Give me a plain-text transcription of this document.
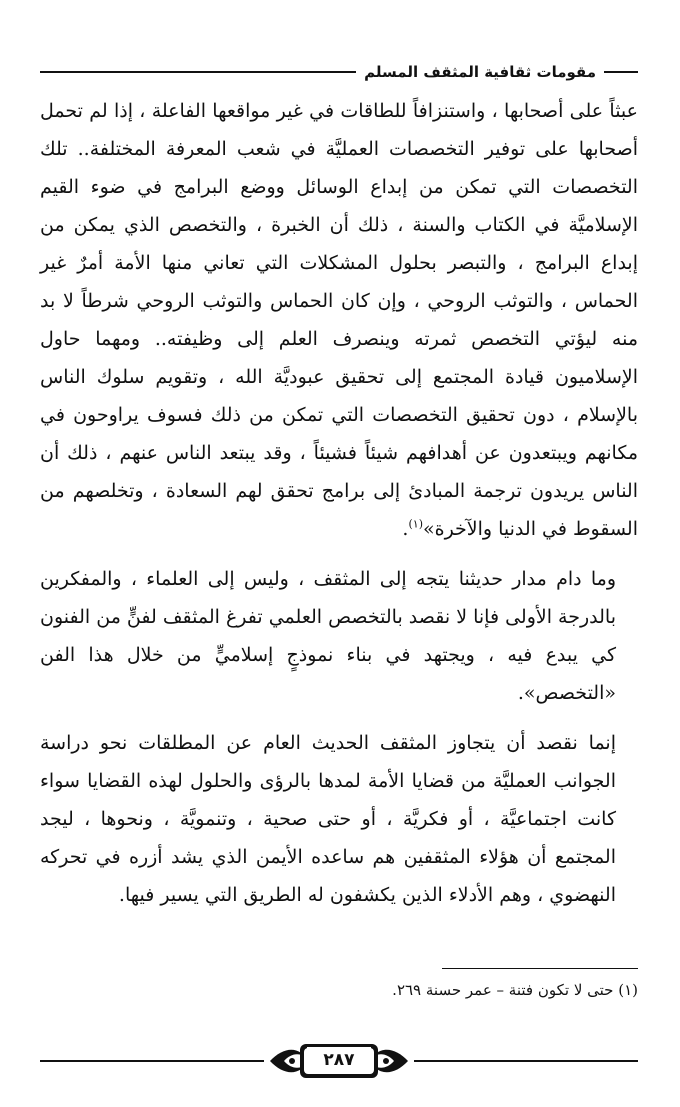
مقومات ثقافية المثقف المسلم

عبثاً على أصحابها ، واستنزافاً للطاقات في غير مواقعها الفاعلة ، إذا لم تحمل أصحابها على توفير التخصصات العمليَّة في شعب المعرفة المختلفة.. تلك التخصصات التي تمكن من إبداع الوسائل ووضع البرامج في ضوء القيم الإسلاميَّة في الكتاب والسنة ، ذلك أن الخبرة ، والتخصص الذي يمكن من إبداع البرامج ، والتبصر بحلول المشكلات التي تعاني منها الأمة أمرٌ غير الحماس ، والتوثب الروحي ، وإن كان الحماس والتوثب الروحي شرطاً لا بد منه ليؤتي التخصص ثمرته وينصرف العلم إلى وظيفته.. ومهما حاول الإسلاميون قيادة المجتمع إلى تحقيق عبوديَّة الله ، وتقويم سلوك الناس بالإسلام ، دون تحقيق التخصصات التي تمكن من ذلك فسوف يراوحون في مكانهم ويبتعدون عن أهدافهم شيئاً فشيئاً ، وقد يبتعد الناس عنهم ، ذلك أن الناس يريدون ترجمة المبادئ إلى برامج تحقق لهم السعادة ، وتخلصهم من السقوط في الدنيا والآخرة»$^{(١)}$.

وما دام مدار حديثنا يتجه إلى المثقف ، وليس إلى العلماء ، والمفكرين بالدرجة الأولى فإنا لا نقصد بالتخصص العلمي تفرغ المثقف لفنٍّ من الفنون كي يبدع فيه ، ويجتهد في بناء نموذجٍ إسلاميٍّ من خلال هذا الفن «التخصص».

إنما نقصد أن يتجاوز المثقف الحديث العام عن المطلقات نحو دراسة الجوانب العمليَّة من قضايا الأمة لمدها بالرؤى والحلول لهذه القضايا سواء كانت اجتماعيَّة ، أو فكريَّة ، أو حتى صحية ، وتنمويَّة ، ونحوها ، ليجد المجتمع أن هؤلاء المثقفين هم ساعده الأيمن الذي يشد أزره في تحركه النهضوي ، وهم الأدلاء الذين يكشفون له الطريق التي يسير فيها.

(١) حتى لا تكون فتنة – عمر حسنة ٢٦٩.
٢٨٧
